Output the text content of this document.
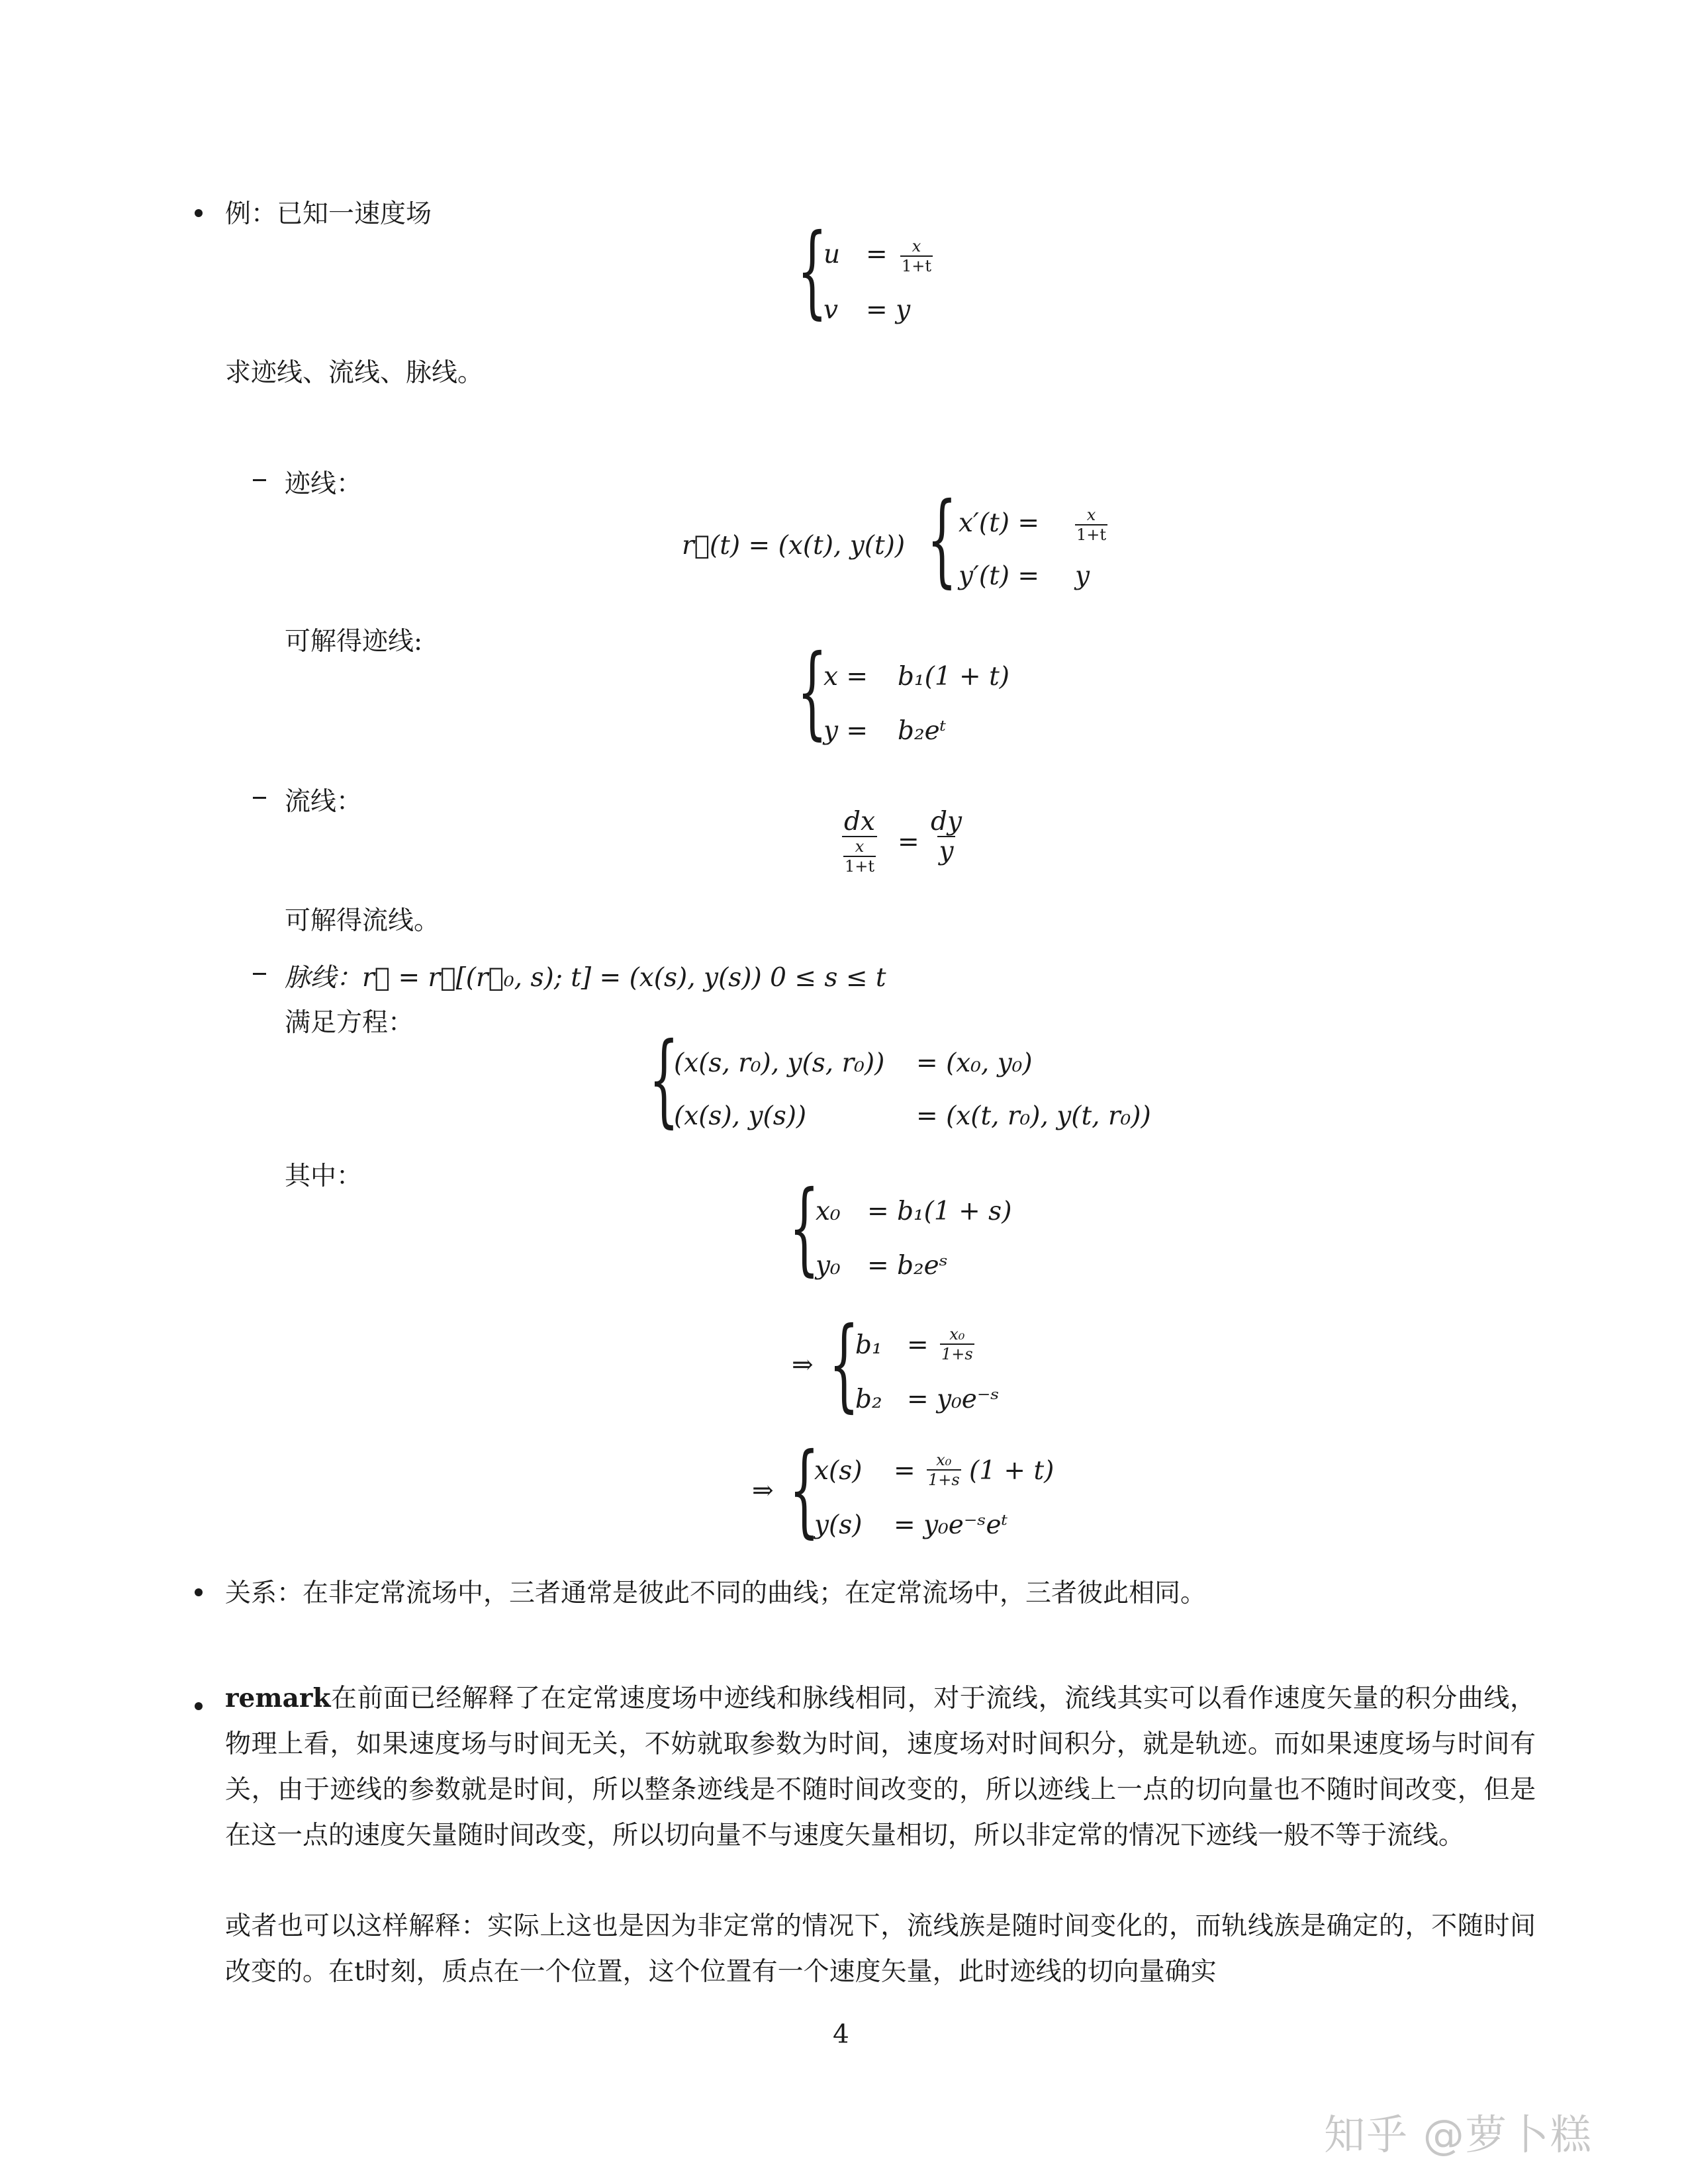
例：已知一速度场	{
$u = \frac{x}{1+t}$
v = y
求迹线、流线、脉线。
迹线：
r⃗(t) = (x(t), y(t)) { $x'(t) = \frac{x}{1+t}$
y′(t) = y
可解得迹线:	{
x = b₁(1 + t)
y = b₂eᵗ
流线：
$\frac{dx}{\frac{x}{1+t}} = \frac{dy}{y}$
可解得流线。
脉线：r⃗ = r⃗[(r⃗₀, s); t] = (x(s), y(s)) 0 ≤ s ≤ t
满足方程：	{
(x(s, r₀), y(s, r₀)) = (x₀, y₀)
(x(s), y(s))	= (x(t, r₀), y(t, r₀))
其中：	{
x₀ = b₁(1 + s)
y₀ = b₂eˢ
⇒ {
$b_1 = \frac{\text{x₀}}{1+s}$
b₂ = y₀e⁻ˢ
⇒ {
$x(s) = \frac{\text{x₀}}{1+s} (1 + t)$
y(s) = y₀e⁻ˢeᵗ
关系：在非定常流场中，三者通常是彼此不同的曲线；在定常流场中，三者彼此相同。
remark在前面已经解释了在定常速度场中迹线和脉线相同，对于流线，流线其实可以看作速度矢量的积分曲线，物理上看，如果速度场与时间无关，不妨就取参数为时间，速度场对时间积分，就是轨迹。而如果速度场与时间有关，由于迹线的参数就是时间，所以整条迹线是不随时间改变的，所以迹线上一点的切向量也不随时间改变，但是在这一点的速度矢量随时间改变，所以切向量不与速度矢量相切，所以非定常的情况下迹线一般不等于流线。
或者也可以这样解释：实际上这也是因为非定常的情况下，流线族是随时间变化的，而轨线族是确定的，不随时间改变的。在t时刻，质点在一个位置，这个位置有一个速度矢量，此时迹线的切向量确实
4
知乎 @萝卜糕
